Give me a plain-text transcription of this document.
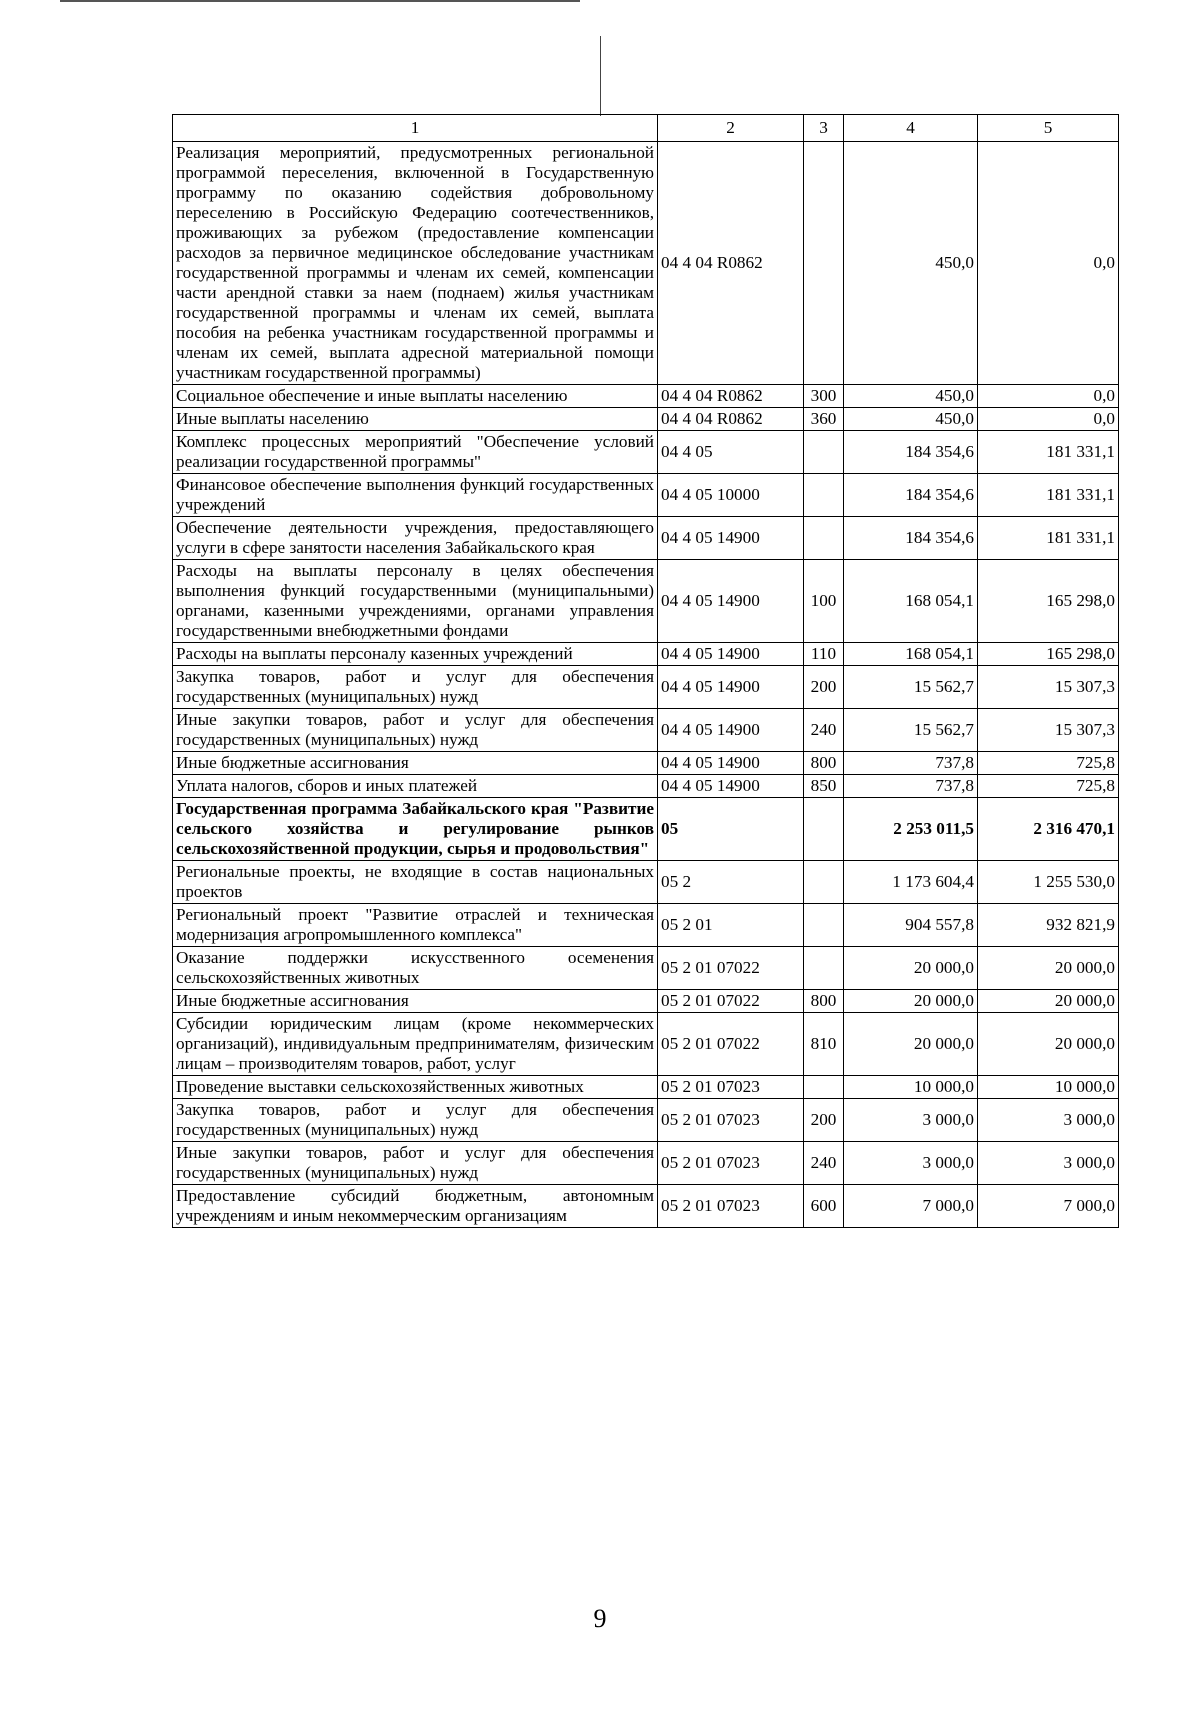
1	2	3	4	5
Реализация мероприятий, предусмотренных региональной программой переселения, включенной в Государственную программу по оказанию содействия добровольному переселению в Российскую Федерацию соотечественников, проживающих за рубежом (предоставление компенсации расходов за первичное медицинское обследование участникам государственной программы и членам их семей, компенсации части арендной ставки за наем (поднаем) жилья участникам государственной программы и членам их семей, выплата пособия на ребенка участникам государственной программы и членам их семей, выплата адресной материальной помощи участникам государственной программы)	04 4 04 R0862		450,0	0,0
Социальное обеспечение и иные выплаты населению	04 4 04 R0862	300	450,0	0,0
Иные выплаты населению	04 4 04 R0862	360	450,0	0,0
Комплекс процессных мероприятий "Обеспечение условий реализации государственной программы"	04 4 05		184 354,6	181 331,1
Финансовое обеспечение выполнения функций государственных учреждений	04 4 05 10000		184 354,6	181 331,1
Обеспечение деятельности учреждения, предоставляющего услуги в сфере занятости населения Забайкальского края	04 4 05 14900		184 354,6	181 331,1
Расходы на выплаты персоналу в целях обеспечения выполнения функций государственными (муниципальными) органами, казенными учреждениями, органами управления государственными внебюджетными фондами	04 4 05 14900	100	168 054,1	165 298,0
Расходы на выплаты персоналу казенных учреждений	04 4 05 14900	110	168 054,1	165 298,0
Закупка товаров, работ и услуг для обеспечения государственных (муниципальных) нужд	04 4 05 14900	200	15 562,7	15 307,3
Иные закупки товаров, работ и услуг для обеспечения государственных (муниципальных) нужд	04 4 05 14900	240	15 562,7	15 307,3
Иные бюджетные ассигнования	04 4 05 14900	800	737,8	725,8
Уплата налогов, сборов и иных платежей	04 4 05 14900	850	737,8	725,8
Государственная программа Забайкальского края "Развитие сельского хозяйства и регулирование рынков сельскохозяйственной продукции, сырья и продовольствия"	05		2 253 011,5	2 316 470,1
Региональные проекты, не входящие в состав национальных проектов	05 2		1 173 604,4	1 255 530,0
Региональный проект "Развитие отраслей и техническая модернизация агропромышленного комплекса"	05 2 01		904 557,8	932 821,9
Оказание поддержки искусственного осеменения сельскохозяйственных животных	05 2 01 07022		20 000,0	20 000,0
Иные бюджетные ассигнования	05 2 01 07022	800	20 000,0	20 000,0
Субсидии юридическим лицам (кроме некоммерческих организаций), индивидуальным предпринимателям, физическим лицам – производителям товаров, работ, услуг	05 2 01 07022	810	20 000,0	20 000,0
Проведение выставки сельскохозяйственных животных	05 2 01 07023		10 000,0	10 000,0
Закупка товаров, работ и услуг для обеспечения государственных (муниципальных) нужд	05 2 01 07023	200	3 000,0	3 000,0
Иные закупки товаров, работ и услуг для обеспечения государственных (муниципальных) нужд	05 2 01 07023	240	3 000,0	3 000,0
Предоставление субсидий бюджетным, автономным учреждениям и иным некоммерческим организациям	05 2 01 07023	600	7 000,0	7 000,0
9
